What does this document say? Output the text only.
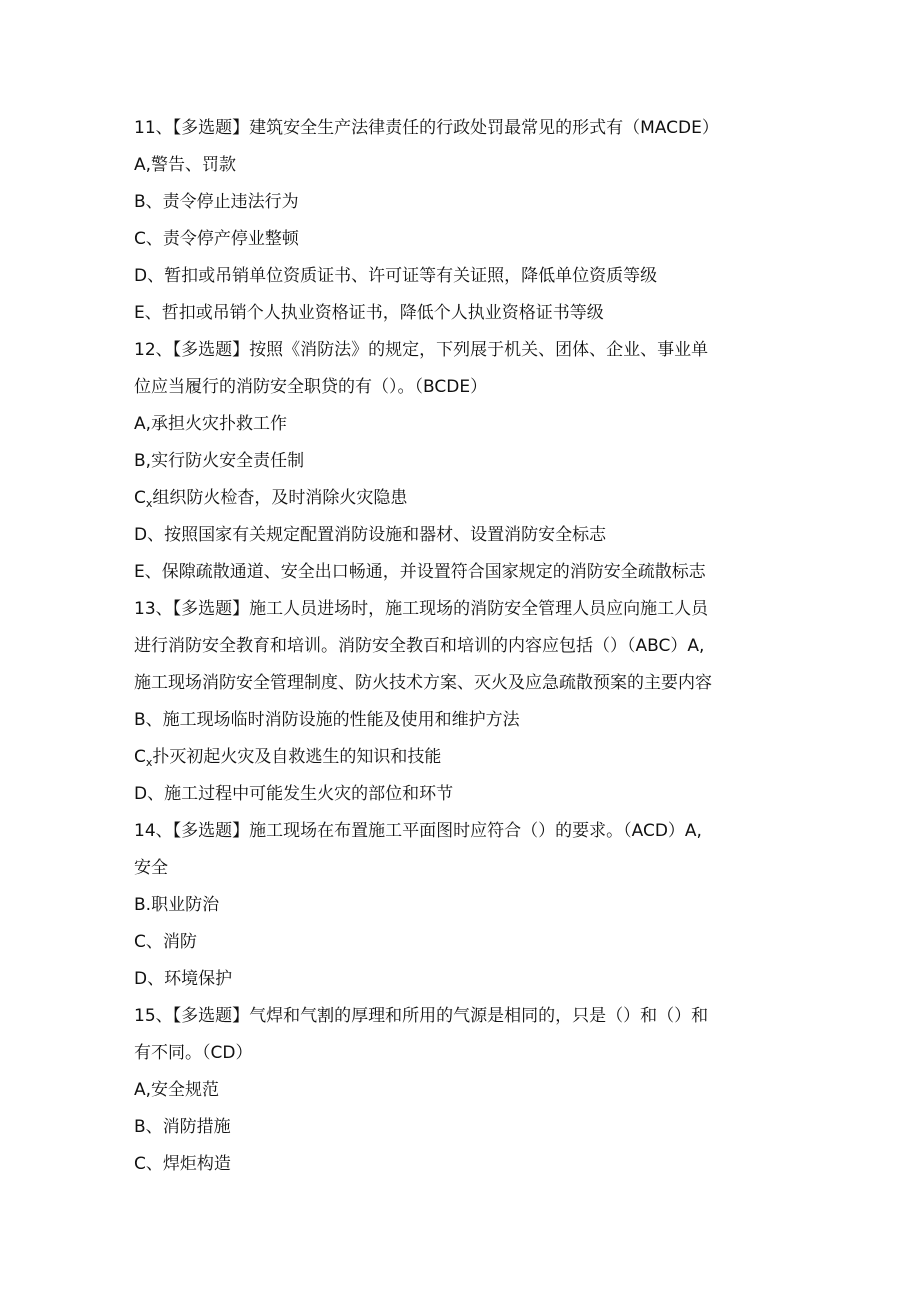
11、【多选题】建筑安全生产法律责任的行政处罚最常见的形式有（MACDE）
A,警告、罚款
B、责令停止违法行为
C、责令停产停业整顿
D、暂扣或吊销单位资质证书、许可证等有关证照，降低单位资质等级
E、哲扣或吊销个人执业资格证书，降低个人执业资格证书等级
12、【多选题】按照《消防法》的规定，下列展于机关、团体、企业、事业单
位应当履行的消防安全职贷的有（）。（BCDE）
A,承担火灾扑救工作
B,实行防火安全责任制
$C_x$组织防火检杳，及时消除火灾隐患
D、按照国家有关规定配置消防设施和器材、设置消防安全标志
E、保隙疏散通道、安全出口畅通，并设置符合国家规定的消防安全疏散标志
13、【多选题】施工人员进场时，施工现场的消防安全管理人员应向施工人员
进行消防安全教育和培训。消防安全教百和培训的内容应包括（）（ABC）A,
施工现场消防安全管理制度、防火技术方案、灭火及应急疏散预案的主要内容
B、施工现场临时消防设施的性能及使用和维护方法
$C_x$扑灭初起火灾及自救逃生的知识和技能
D、施工过程中可能发生火灾的部位和环节
14、【多选题】施工现场在布置施工平面图时应符合（）的要求。（ACD）A,
安全
B.职业防治
C、消防
D、环境保护
15、【多选题】气焊和气割的厚理和所用的气源是相同的，只是（）和（）和
有不同。（CD）
A,安全规范
B、消防措施
C、焊炬构造
